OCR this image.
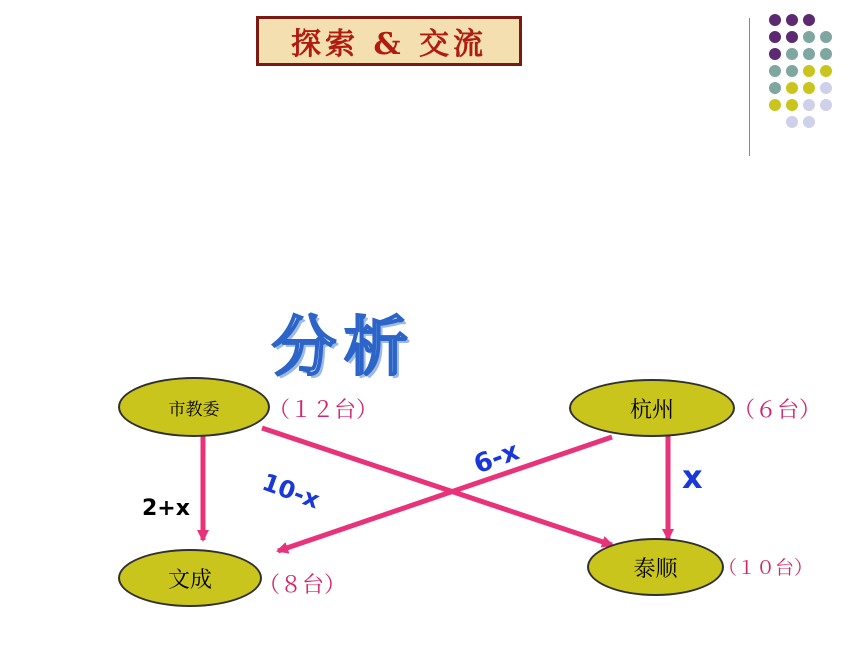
探索 & 交流
分析
市教委 （１２台）	杭州	（６台）
文成 （８台）
泰顺 （１０台）
2+x	10-x
6-x	x
